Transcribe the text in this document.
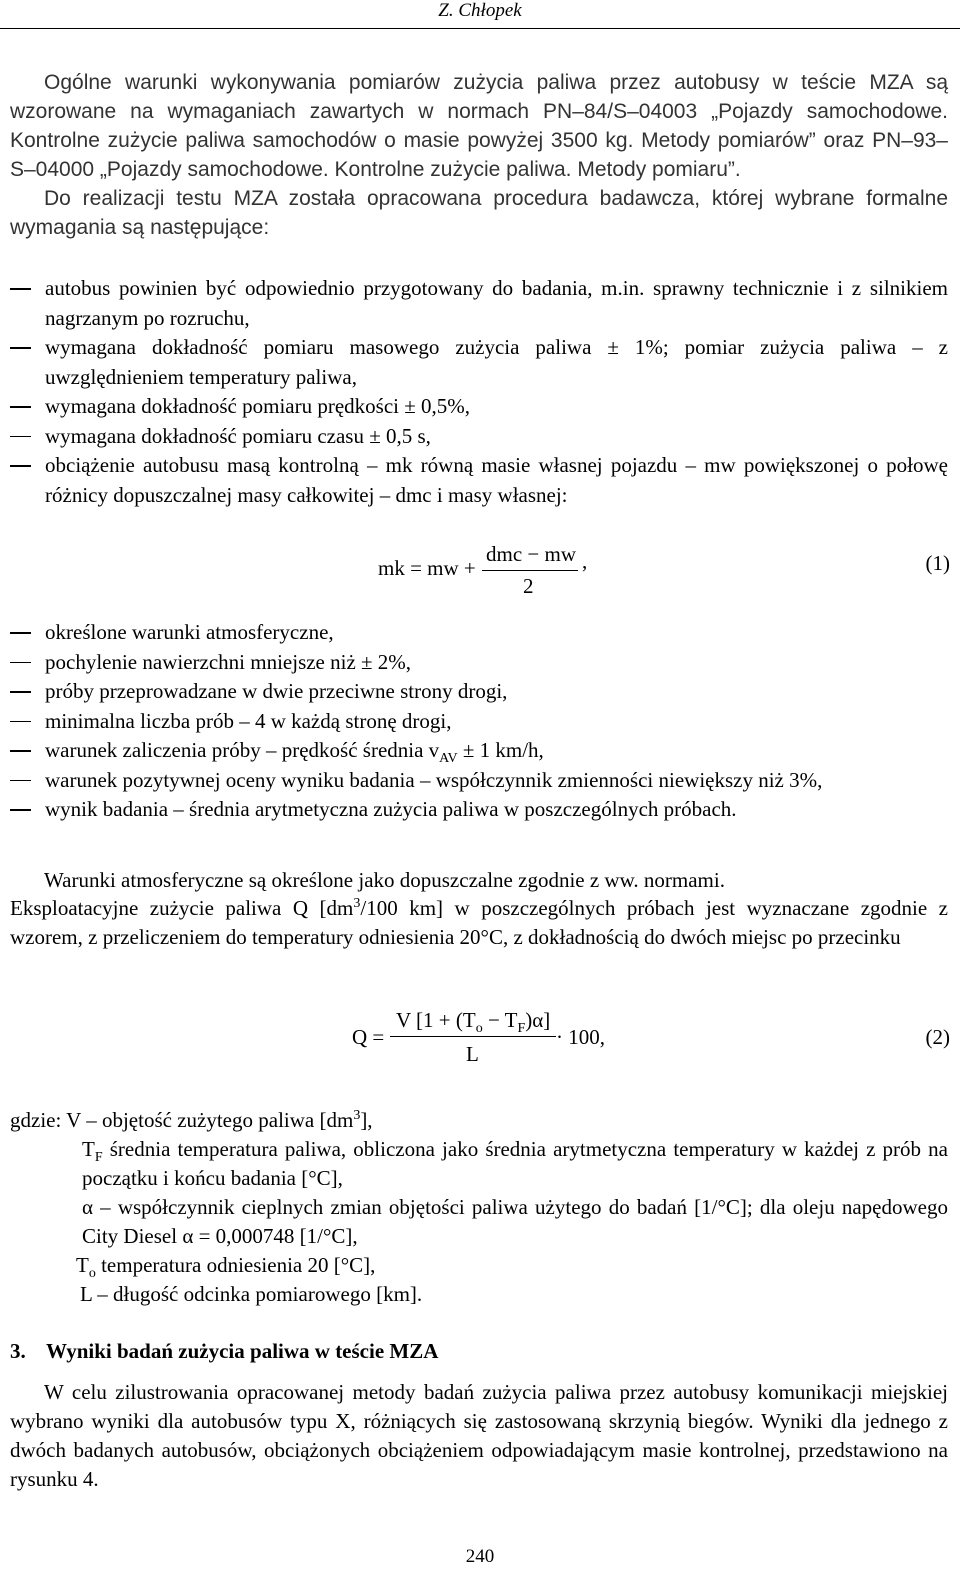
Z. Chłopek
Ogólne warunki wykonywania pomiarów zużycia paliwa przez autobusy w teście MZA są wzorowane na wymaganiach zawartych w normach PN–84/S–04003 „Pojazdy samochodowe. Kontrolne zużycie paliwa samochodów o masie powyżej 3500 kg. Metody pomiarów” oraz PN–93–S–04000 „Pojazdy samochodowe. Kontrolne zużycie paliwa. Metody pomiaru”.
Do realizacji testu MZA została opracowana procedura badawcza, której wybrane formalne wymagania są następujące:
autobus powinien być odpowiednio przygotowany do badania, m.in. sprawny technicznie i z silnikiem nagrzanym po rozruchu,
wymagana dokładność pomiaru masowego zużycia paliwa ± 1%; pomiar zużycia paliwa – z uwzględnieniem temperatury paliwa,
wymagana dokładność pomiaru prędkości ± 0,5%,
wymagana dokładność pomiaru czasu ± 0,5 s,
obciążenie autobusu masą kontrolną – mk równą masie własnej pojazdu – mw powiększonej o połowę różnicy dopuszczalnej masy całkowitej – dmc i masy własnej:
mk = mw +
dmc − mw
2
,	(1)
określone warunki atmosferyczne,
pochylenie nawierzchni mniejsze niż ± 2%,
próby przeprowadzane w dwie przeciwne strony drogi,
minimalna liczba prób – 4 w każdą stronę drogi,
warunek zaliczenia próby – prędkość średnia $v_{AV} \pm 1$ km/h,
warunek pozytywnej oceny wyniku badania – współczynnik zmienności niewiększy niż 3%,
wynik badania – średnia arytmetyczna zużycia paliwa w poszczególnych próbach.
Warunki atmosferyczne są określone jako dopuszczalne zgodnie z ww. normami.
Eksploatacyjne zużycie paliwa Q [$dm^3/100$ km] w poszczególnych próbach jest wyznaczane zgodnie z wzorem, z przeliczeniem do temperatury odniesienia 20°C, z dokładnością do dwóch miejsc po przecinku
Q =
V $[1 + (T_o - T_F)\alpha]$
L
· 100,	(2)
gdzie: V – objętość zużytego paliwa $[dm^3]$,
$T_F$ średnia temperatura paliwa, obliczona jako średnia arytmetyczna temperatury w każdej z prób na początku i końcu badania [°C],
α – współczynnik cieplnych zmian objętości paliwa użytego do badań [1/°C]; dla oleju napędowego City Diesel α = 0,000748 [1/°C],
$T_o$ temperatura odniesienia 20 [°C],
L – długość odcinka pomiarowego [km].
3. Wyniki badań zużycia paliwa w teście MZA
W celu zilustrowania opracowanej metody badań zużycia paliwa przez autobusy komunikacji miejskiej wybrano wyniki dla autobusów typu X, różniących się zastosowaną skrzynią biegów. Wyniki dla jednego z dwóch badanych autobusów, obciążonych obciążeniem odpowiadającym masie kontrolnej, przedstawiono na rysunku 4.
240
